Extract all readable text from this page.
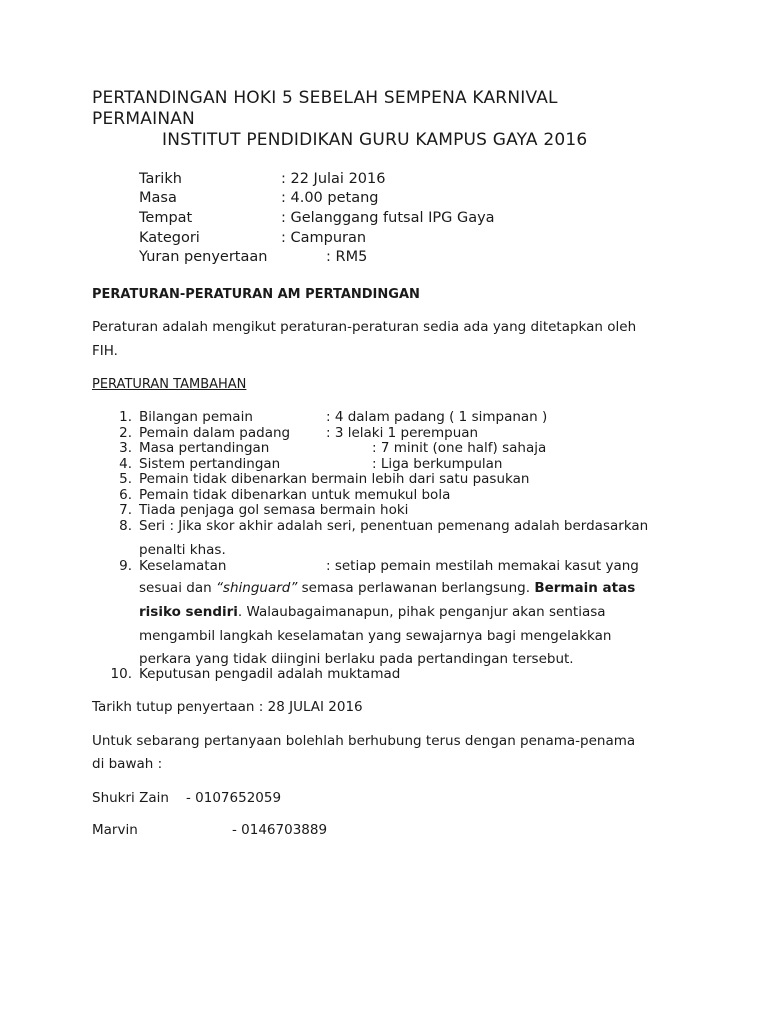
PERTANDINGAN HOKI 5 SEBELAH SEMPENA KARNIVAL
PERMAINAN
INSTITUT PENDIDIKAN GURU KAMPUS GAYA 2016
Tarikh	: 22 Julai 2016
Masa	: 4.00 petang
Tempat	: Gelanggang futsal IPG Gaya
Kategori	: Campuran
Yuran penyertaan	: RM5
PERATURAN-PERATURAN AM PERTANDINGAN
Peraturan adalah mengikut peraturan-peraturan sedia ada yang ditetapkan oleh
FIH.
PERATURAN TAMBAHAN
1. Bilangan pemain	: 4 dalam padang ( 1 simpanan )
2. Pemain dalam padang	: 3 lelaki 1 perempuan
3. Masa pertandingan	: 7 minit (one half) sahaja
4. Sistem pertandingan	: Liga berkumpulan
5. Pemain tidak dibenarkan bermain lebih dari satu pasukan
6. Pemain tidak dibenarkan untuk memukul bola
7. Tiada penjaga gol semasa bermain hoki
8. Seri : Jika skor akhir adalah seri, penentuan pemenang adalah berdasarkan
penalti khas.
9. Keselamatan	: setiap pemain mestilah memakai kasut yang
sesuai dan “shinguard” semasa perlawanan berlangsung. Bermain atas
risiko sendiri. Walaubagaimanapun, pihak penganjur akan sentiasa
mengambil langkah keselamatan yang sewajarnya bagi mengelakkan
perkara yang tidak diingini berlaku pada pertandingan tersebut.
10. Keputusan pengadil adalah muktamad
Tarikh tutup penyertaan : 28 JULAI 2016
Untuk sebarang pertanyaan bolehlah berhubung terus dengan penama-penama
di bawah :
Shukri Zain - 0107652059
Marvin	- 0146703889
